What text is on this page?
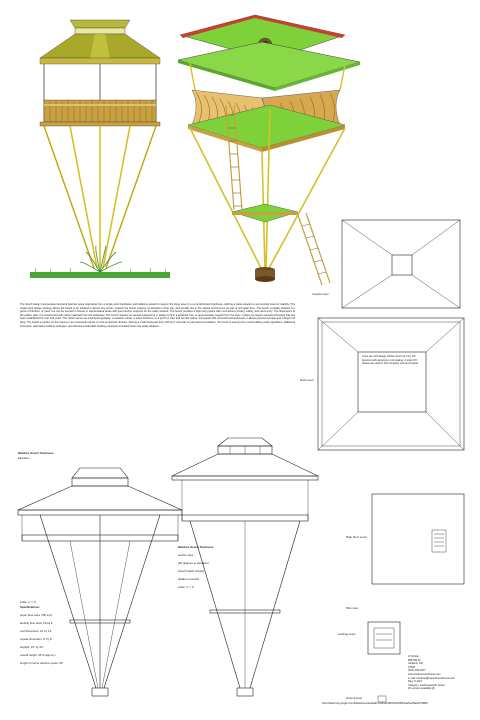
Cupola Level
Roof Level
Cone top roof design utilizes 4x4 ft sq ft by 1/2" plywood with aluminum roof coating. A total of 8 sheets are used in this complete roof and cupola.
The hooch design incorporates structural bamboo poles originating from a single point foundation and radiating upward to support the living area. It is a pre-fabricated treehouse, utilizing a cable network to surrounding trees for stability. This single point design strategy allows the hooch to be situated in almost any terrain. Indeed, the hooch requires no alteration of the site, and actually lies in the natural environment as part of rich apart from. The hooch is ideally situated in a grove of bamboo, or trees, but can be erected in forests or bamboo/area areas with good anchor supports for the cable network. The hooch provides a high living space with commitment privacy, safety, view and luxury. The dimensions fit the golden ratio. It is constructed with native materials from the landscape. The hooch requires no special engineering or design to fit in a particular tree, or approximately support from the trees. It does not require special technology that has been established for over 100 years. The hooch serves as a backyard getaway, a vacation retreat, a spare bedroom, or a perch to view and be with nature. Compared with conventional treehouses, it allows ground coverage and a large roof tiling. The hooch is perfect for the tropics or as a seasonal retreat in more temperate climates. Storing a small treehouse from 150 sq ft, and with no permanent foundation, the hooch is exempt from most building code regulations. Additional innovative, alternative building strategies, and ultimate sustainable building envelopes included herein are easily adapted.
Bamboo Hooch Treehouse
Elevation
scale: 1" = 3'
Specifications:
upper floor area: 150 sq ft
landing floor area: 18 sq ft
roof dimension: 14' by 14'
cupola dimension: 8' by 8'
skylight: 24" by 24"
overall height: 35 ft (approx.)
length of corner bamboo poles: 25'
Bamboo Hooch Treehouse
section view
(90 degrees to elevation)
(hooch hatch closed)
(ladder removed)
scale: 1" = 3'
Main Floor Level
Plan view
Landing Level
Ground level
Al Schein
885 SW St.
Ashland, OR
97520
(541) 482-6377
www.tropical-treehouse.com
e-mail: bamboo@tropical-treehouse.com
Reg. # 1101
Category: treehouse/pole house
3D version available @
http://sketchup.google.com/3dwarehouse/details?mid=a218f7022e563b5a20ce8fae0676f8bf
